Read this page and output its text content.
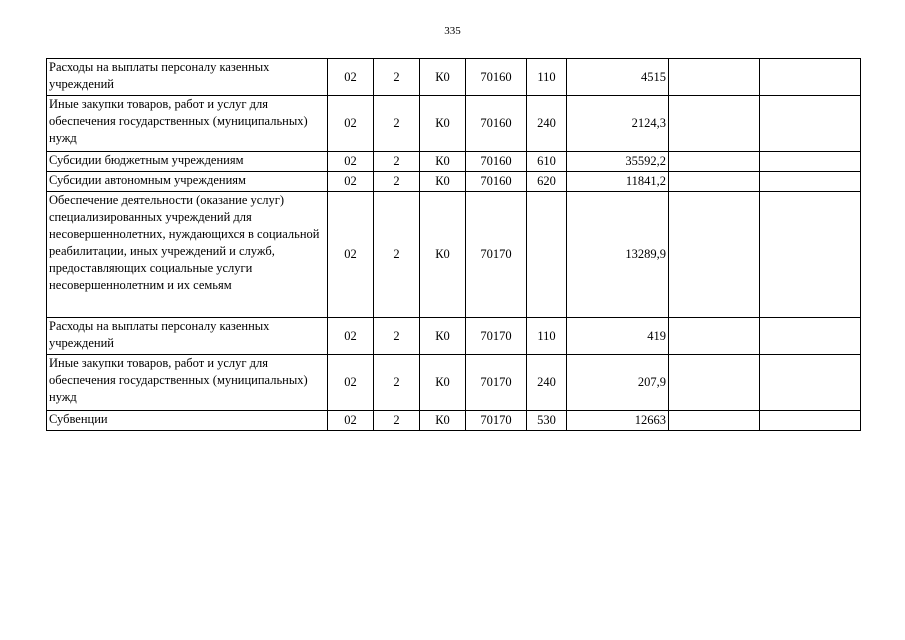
335
Расходы на выплаты персоналу казенных учреждений	02	2	К0	70160	110	4515		
Иные закупки товаров, работ и услуг для обеспечения государственных (муниципальных) нужд	02	2	К0	70160	240	2124,3		
Субсидии бюджетным учреждениям	02	2	К0	70160	610	35592,2		
Субсидии автономным учреждениям	02	2	К0	70160	620	11841,2		
Обеспечение деятельности (оказание услуг) специализированных учреждений для несовершеннолетних, нуждающихся в социальной реабилитации, иных учреждений и служб, предоставляющих социальные услуги несовершеннолетним и их семьям	02	2	К0	70170		13289,9		
Расходы на выплаты персоналу казенных учреждений	02	2	К0	70170	110	419		
Иные закупки товаров, работ и услуг для обеспечения государственных (муниципальных) нужд	02	2	К0	70170	240	207,9		
Субвенции	02	2	К0	70170	530	12663		
